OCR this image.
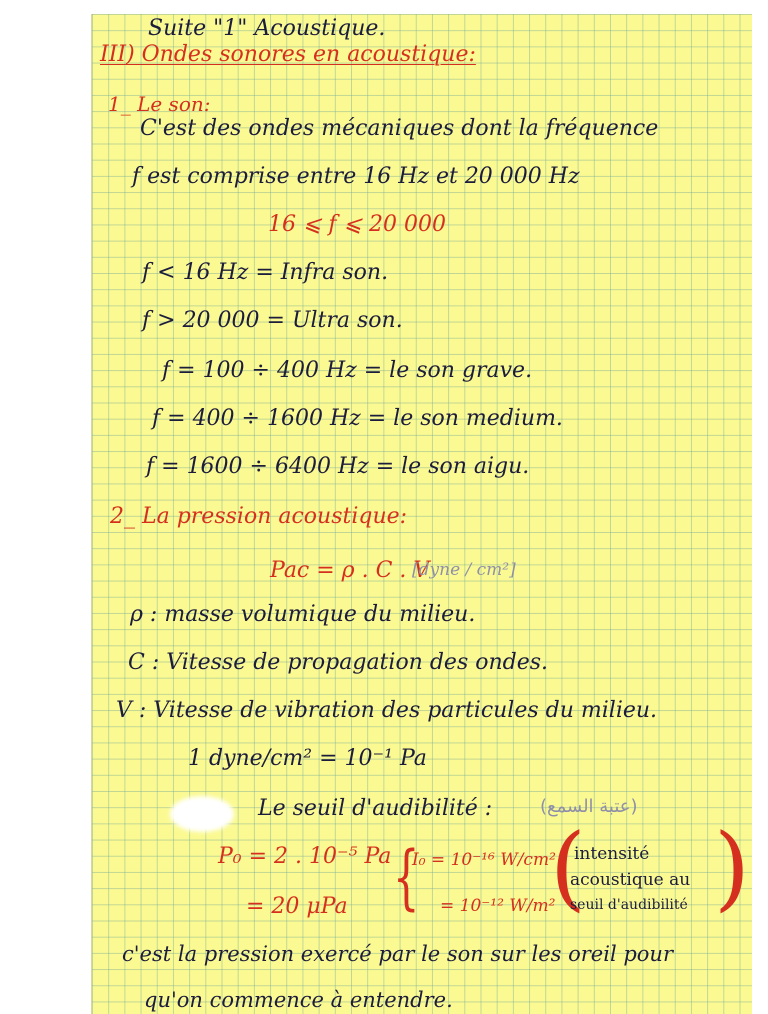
Suite "1" Acoustique.
III) Ondes sonores en acoustique:
1_ Le son:
C'est des ondes mécaniques dont la fréquence
f est comprise entre 16 Hz et 20 000 Hz
16 ⩽ f ⩽ 20 000
f < 16 Hz = Infra son.
f > 20 000 = Ultra son.
f = 100 ÷ 400 Hz = le son grave.
f = 400 ÷ 1600 Hz = le son medium.
f = 1600 ÷ 6400 Hz = le son aigu.
2_ La pression acoustique:
Pac = ρ . C . V
[dyne / cm²]
ρ : masse volumique du milieu.
C : Vitesse de propagation des ondes.
V : Vitesse de vibration des particules du milieu.
1 dyne/cm² = 10⁻¹ Pa
Le seuil d'audibilité :	(عتبة السمع)
P₀ = 2 . 10⁻⁵ Pa
= 20 μPa {
I₀ = 10⁻¹⁶ W/cm²
= 10⁻¹² W/m²
(
intensité
acoustique au
seuil d'audibilité )
c'est la pression exercé par le son sur les oreil pour
qu'on commence à entendre.
